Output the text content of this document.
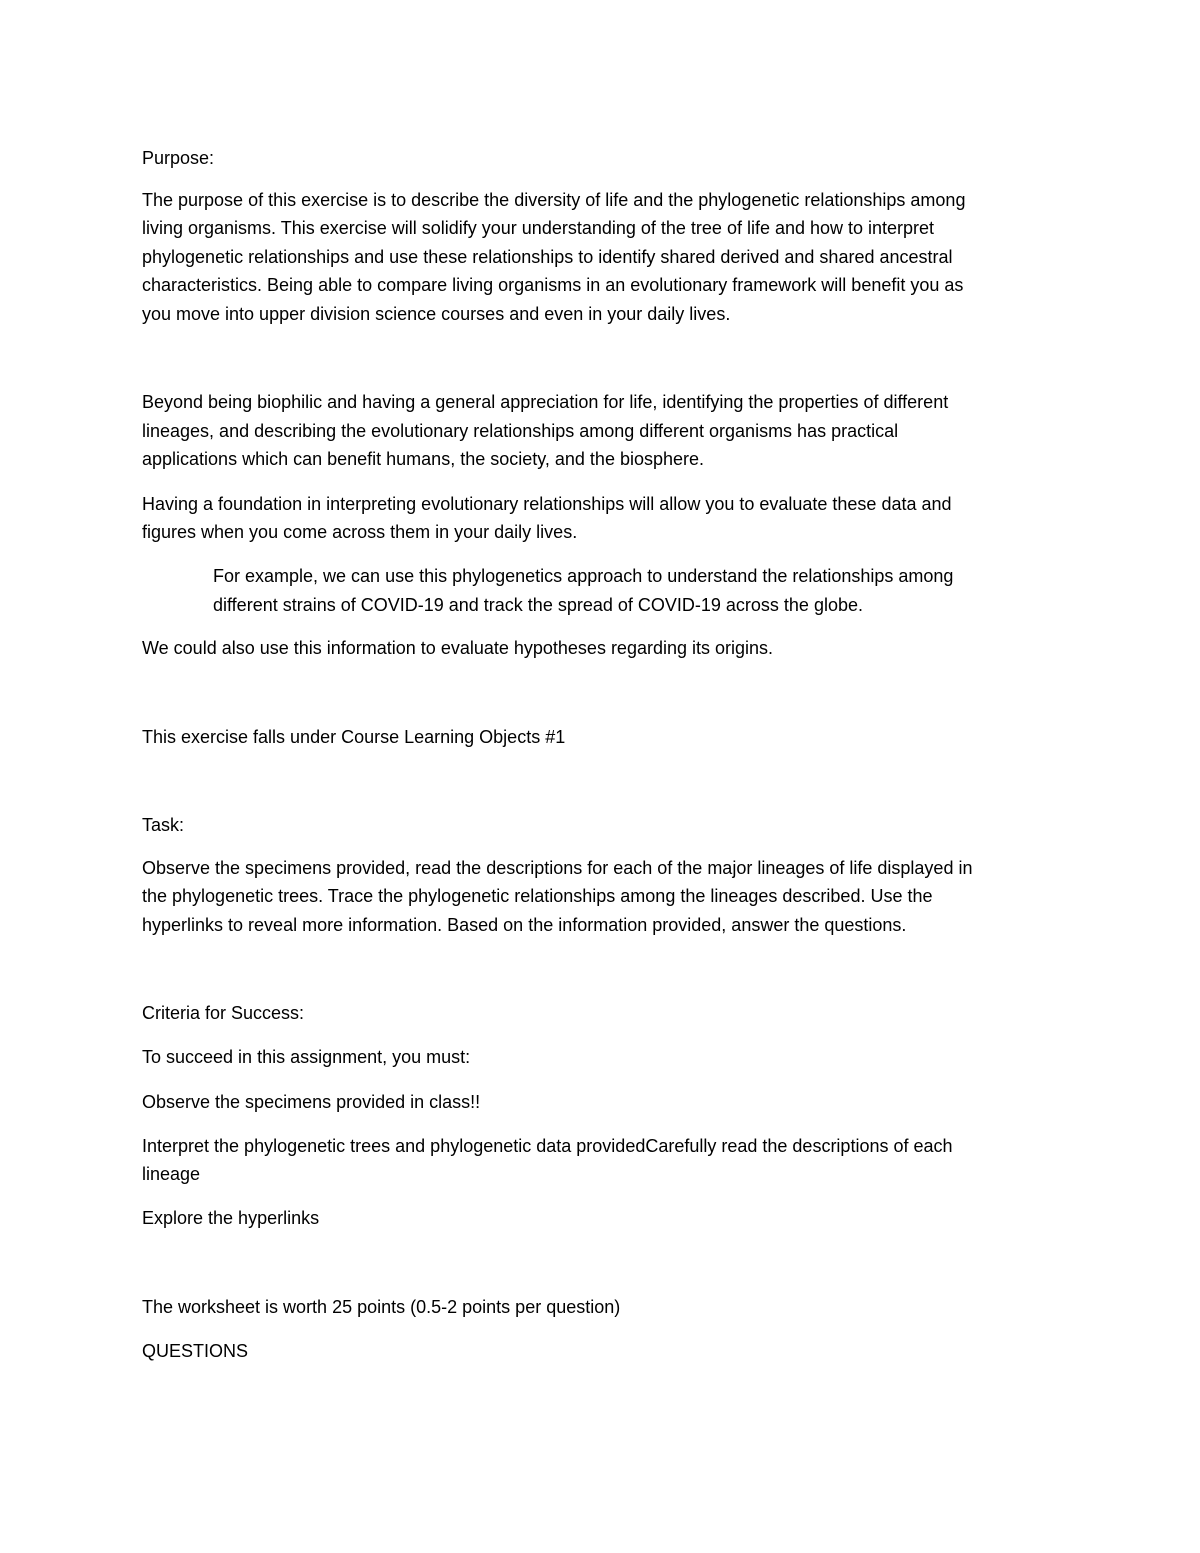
Purpose:
The purpose of this exercise is to describe the diversity of life and the phylogenetic relationships among
living organisms. This exercise will solidify your understanding of the tree of life and how to interpret
phylogenetic relationships and use these relationships to identify shared derived and shared ancestral
characteristics. Being able to compare living organisms in an evolutionary framework will benefit you as
you move into upper division science courses and even in your daily lives.
Beyond being biophilic and having a general appreciation for life, identifying the properties of different
lineages, and describing the evolutionary relationships among different organisms has practical
applications which can benefit humans, the society, and the biosphere.
Having a foundation in interpreting evolutionary relationships will allow you to evaluate these data and
figures when you come across them in your daily lives.
For example, we can use this phylogenetics approach to understand the relationships among
different strains of COVID-19 and track the spread of COVID-19 across the globe.
We could also use this information to evaluate hypotheses regarding its origins.
This exercise falls under Course Learning Objects #1
Task:
Observe the specimens provided, read the descriptions for each of the major lineages of life displayed in
the phylogenetic trees. Trace the phylogenetic relationships among the lineages described. Use the
hyperlinks to reveal more information. Based on the information provided, answer the questions.
Criteria for Success:
To succeed in this assignment, you must:
Observe the specimens provided in class!!
Interpret the phylogenetic trees and phylogenetic data providedCarefully read the descriptions of each
lineage
Explore the hyperlinks
The worksheet is worth 25 points (0.5-2 points per question)
QUESTIONS
